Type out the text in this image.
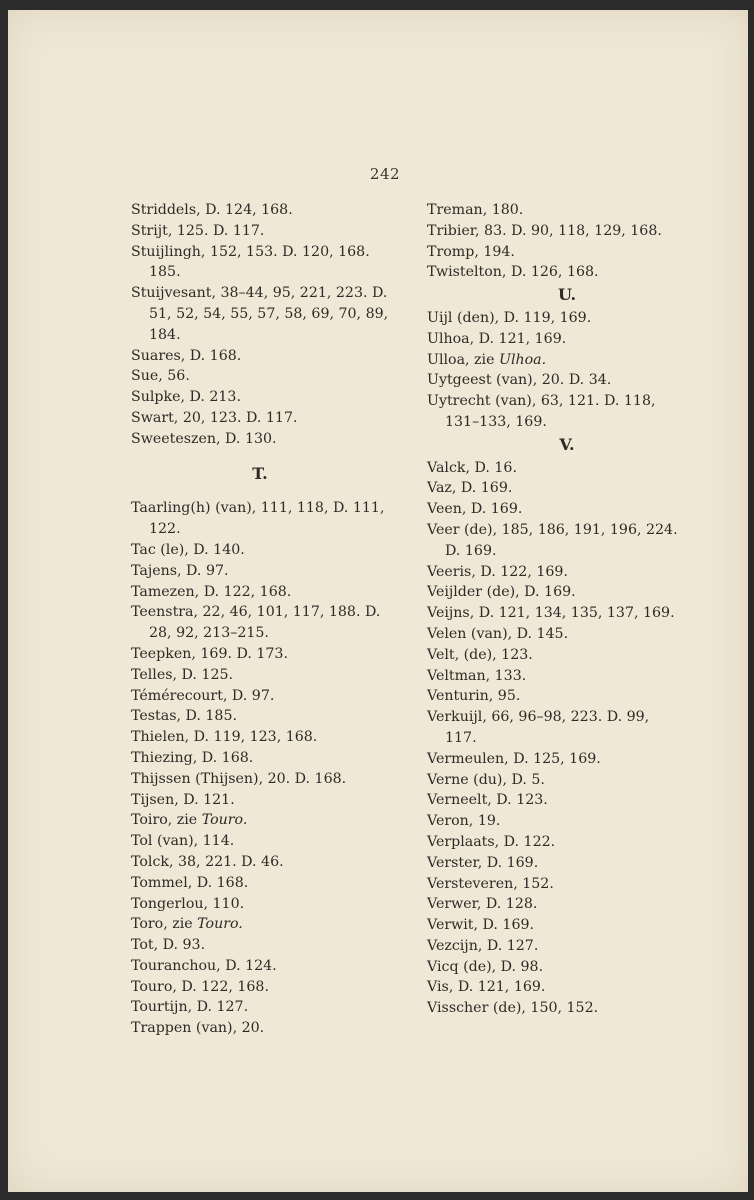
242

Striddels, D. 124, 168.

Strijt, 125. D. 117.

Stuijlingh, 152, 153. D. 120, 168. 185.

Stuijvesant, 38–44, 95, 221, 223. D. 51, 52, 54, 55, 57, 58, 69, 70, 89, 184.

Suares, D. 168.

Sue, 56.

Sulpke, D. 213.

Swart, 20, 123. D. 117.

Sweeteszen, D. 130.

T.

Taarling(h) (van), 111, 118, D. 111, 122.

Tac (le), D. 140.

Tajens, D. 97.

Tamezen, D. 122, 168.

Teenstra, 22, 46, 101, 117, 188. D. 28, 92, 213–215.

Teepken, 169. D. 173.

Telles, D. 125.

Témérecourt, D. 97.

Testas, D. 185.

Thielen, D. 119, 123, 168.

Thiezing, D. 168.

Thijssen (Thijsen), 20. D. 168.

Tijsen, D. 121.

Toiro, zie Touro.

Tol (van), 114.

Tolck, 38, 221. D. 46.

Tommel, D. 168.

Tongerlou, 110.

Toro, zie Touro.

Tot, D. 93.

Touranchou, D. 124.

Touro, D. 122, 168.

Tourtijn, D. 127.

Trappen (van), 20.

Treman, 180.

Tribier, 83. D. 90, 118, 129, 168.

Tromp, 194.

Twistelton, D. 126, 168.

U.

Uijl (den), D. 119, 169.

Ulhoa, D. 121, 169.

Ulloa, zie Ulhoa.

Uytgeest (van), 20. D. 34.

Uytrecht (van), 63, 121. D. 118, 131–133, 169.

V.

Valck, D. 16.

Vaz, D. 169.

Veen, D. 169.

Veer (de), 185, 186, 191, 196, 224. D. 169.

Veeris, D. 122, 169.

Veijlder (de), D. 169.

Veijns, D. 121, 134, 135, 137, 169.

Velen (van), D. 145.

Velt, (de), 123.

Veltman, 133.

Venturin, 95.

Verkuijl, 66, 96–98, 223. D. 99, 117.

Vermeulen, D. 125, 169.

Verne (du), D. 5.

Verneelt, D. 123.

Veron, 19.

Verplaats, D. 122.

Verster, D. 169.

Versteveren, 152.

Verwer, D. 128.

Verwit, D. 169.

Vezcijn, D. 127.

Vicq (de), D. 98.

Vis, D. 121, 169.

Visscher (de), 150, 152.
